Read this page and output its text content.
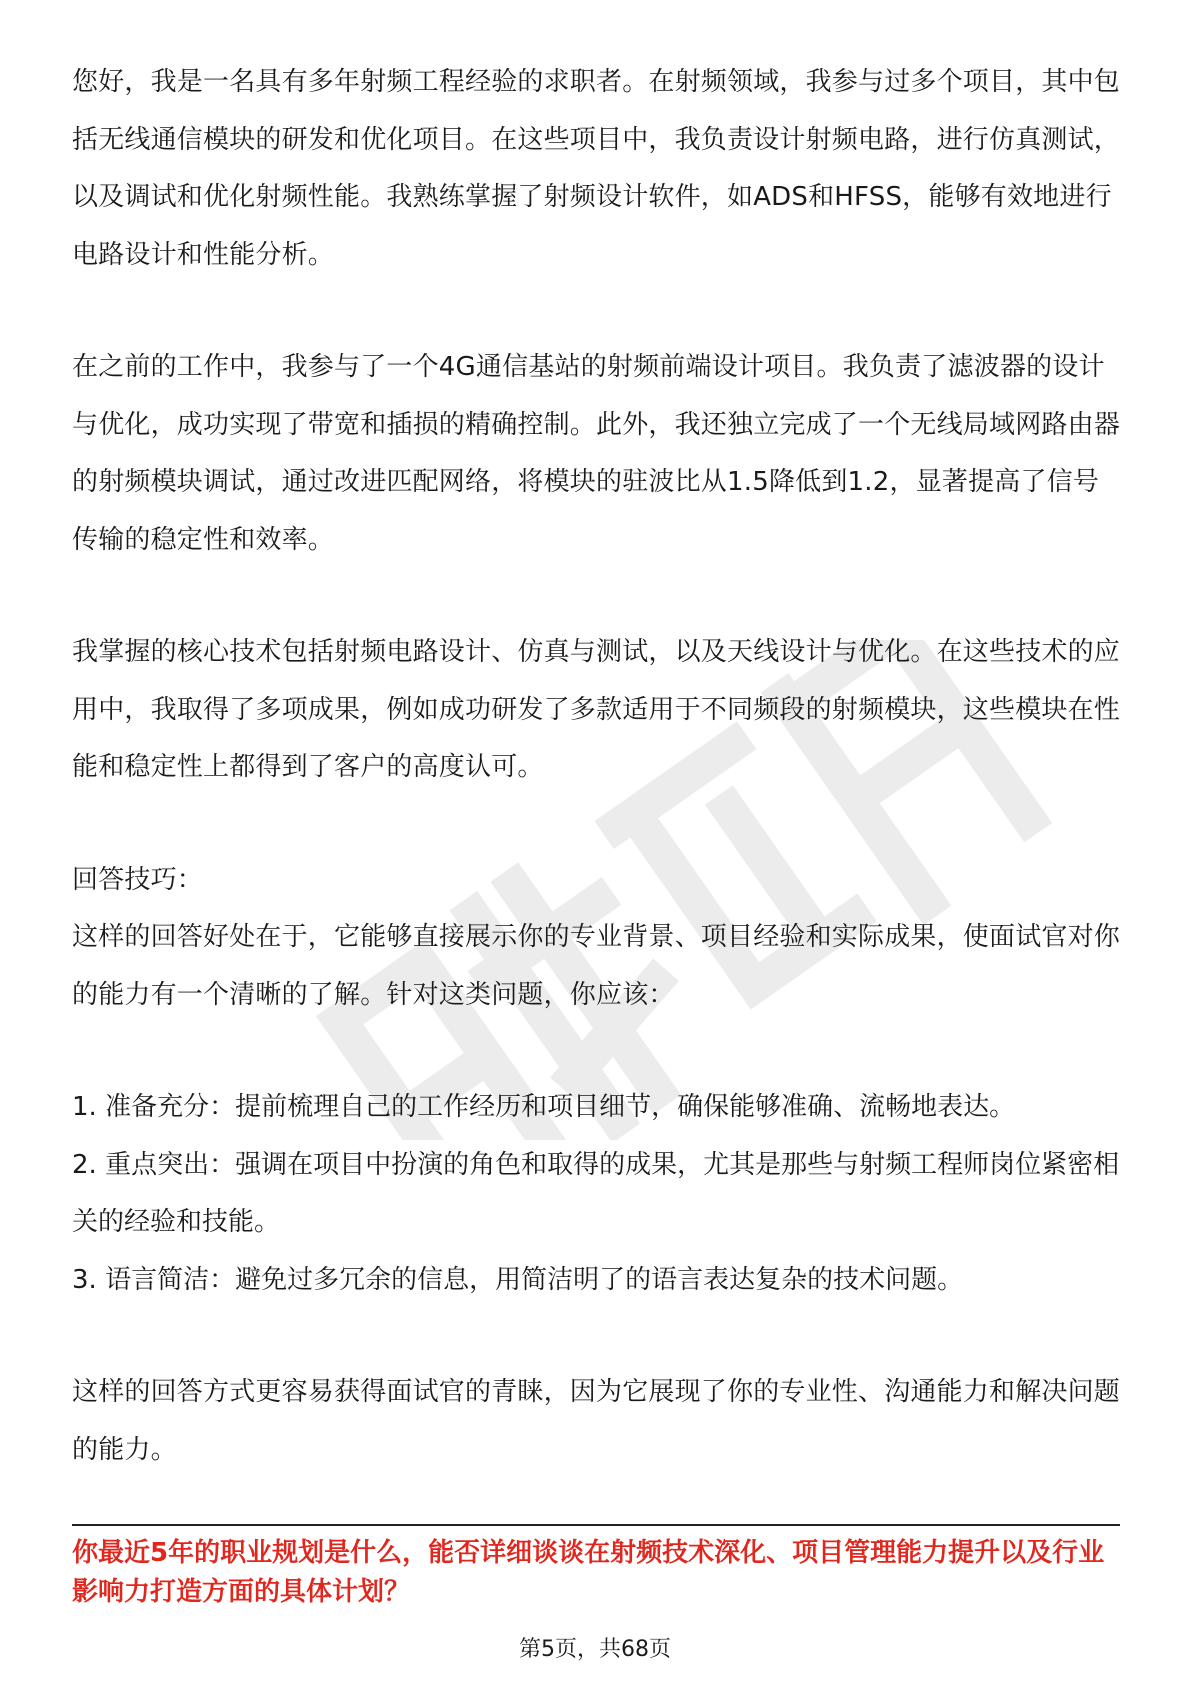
您好，我是一名具有多年射频工程经验的求职者。在射频领域，我参与过多个项目，其中包括无线通信模块的研发和优化项目。在这些项目中，我负责设计射频电路，进行仿真测试，以及调试和优化射频性能。我熟练掌握了射频设计软件，如ADS和HFSS，能够有效地进行电路设计和性能分析。

在之前的工作中，我参与了一个4G通信基站的射频前端设计项目。我负责了滤波器的设计与优化，成功实现了带宽和插损的精确控制。此外，我还独立完成了一个无线局域网路由器的射频模块调试，通过改进匹配网络，将模块的驻波比从1.5降低到1.2，显著提高了信号传输的稳定性和效率。

我掌握的核心技术包括射频电路设计、仿真与测试，以及天线设计与优化。在这些技术的应用中，我取得了多项成果，例如成功研发了多款适用于不同频段的射频模块，这些模块在性能和稳定性上都得到了客户的高度认可。

回答技巧：

这样的回答好处在于，它能够直接展示你的专业背景、项目经验和实际成果，使面试官对你的能力有一个清晰的了解。针对这类问题，你应该：

1. 准备充分：提前梳理自己的工作经历和项目细节，确保能够准确、流畅地表达。
2. 重点突出：强调在项目中扮演的角色和取得的成果，尤其是那些与射频工程师岗位紧密相关的经验和技能。
3. 语言简洁：避免过多冗余的信息，用简洁明了的语言表达复杂的技术问题。

这样的回答方式更容易获得面试官的青睐，因为它展现了你的专业性、沟通能力和解决问题的能力。

你最近5年的职业规划是什么，能否详细谈谈在射频技术深化、项目管理能力提升以及行业影响力打造方面的具体计划？

第5页，共68页
